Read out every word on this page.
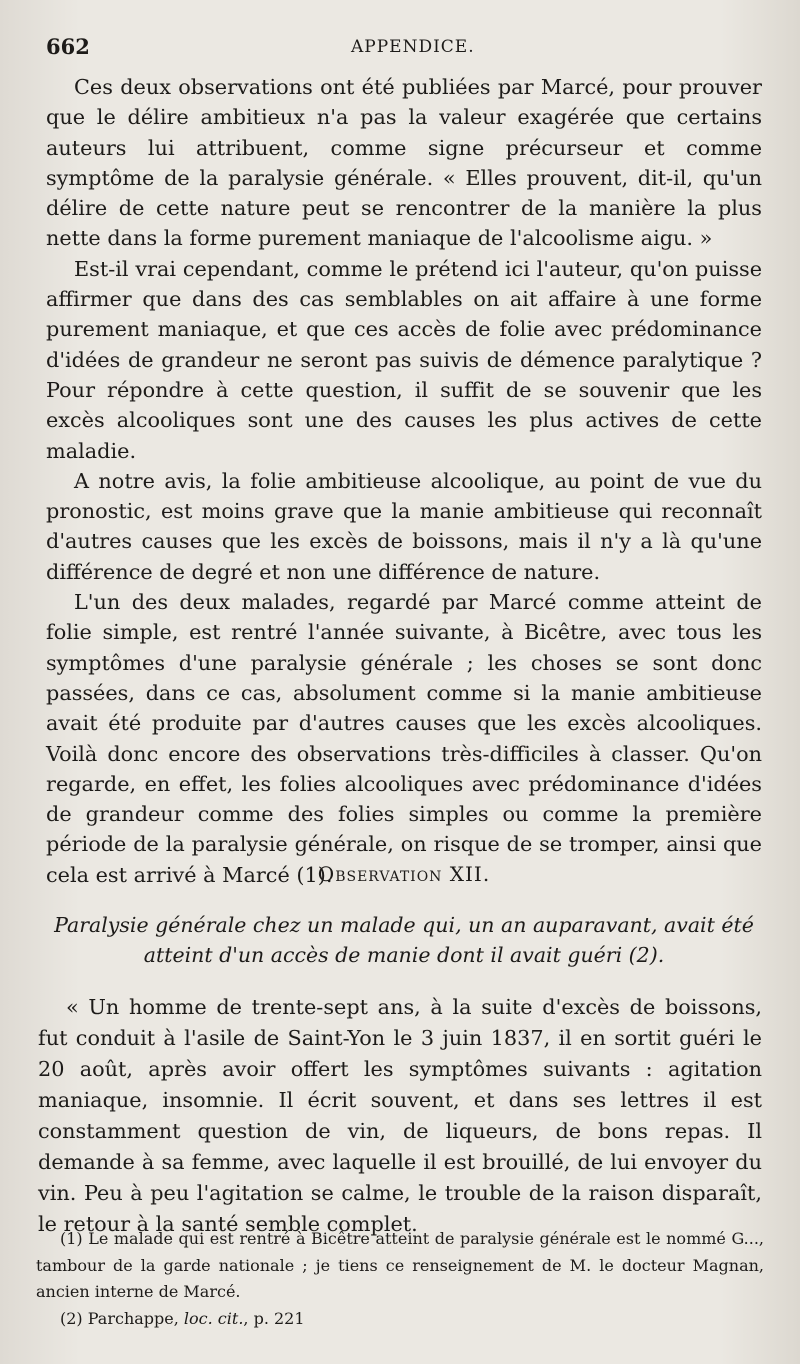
662	APPENDICE.

Ces deux observations ont été publiées par Marcé, pour prouver que le délire ambitieux n'a pas la valeur exagérée que certains auteurs lui attribuent, comme signe précurseur et comme symptôme de la paralysie générale. « Elles prouvent, dit-il, qu'un délire de cette nature peut se rencontrer de la manière la plus nette dans la forme purement maniaque de l'alcoolisme aigu. »

Est-il vrai cependant, comme le prétend ici l'auteur, qu'on puisse affirmer que dans des cas semblables on ait affaire à une forme purement maniaque, et que ces accès de folie avec prédominance d'idées de grandeur ne seront pas suivis de démence paralytique ? Pour répondre à cette question, il suffit de se souvenir que les excès alcooliques sont une des causes les plus actives de cette maladie.

A notre avis, la folie ambitieuse alcoolique, au point de vue du pronostic, est moins grave que la manie ambitieuse qui reconnaît d'autres causes que les excès de boissons, mais il n'y a là qu'une différence de degré et non une différence de nature.

L'un des deux malades, regardé par Marcé comme atteint de folie simple, est rentré l'année suivante, à Bicêtre, avec tous les symptômes d'une paralysie générale ; les choses se sont donc passées, dans ce cas, absolument comme si la manie ambitieuse avait été produite par d'autres causes que les excès alcooliques. Voilà donc encore des observations très-difficiles à classer. Qu'on regarde, en effet, les folies alcooliques avec prédominance d'idées de grandeur comme des folies simples ou comme la première période de la paralysie générale, on risque de se tromper, ainsi que cela est arrivé à Marcé (1).

Observation XII.
Paralysie générale chez un malade qui, un an auparavant, avait été atteint d'un accès de manie dont il avait guéri (2).

« Un homme de trente-sept ans, à la suite d'excès de boissons, fut conduit à l'asile de Saint-Yon le 3 juin 1837, il en sortit guéri le 20 août, après avoir offert les symptômes suivants : agitation maniaque, insomnie. Il écrit souvent, et dans ses lettres il est constamment question de vin, de liqueurs, de bons repas. Il demande à sa femme, avec laquelle il est brouillé, de lui envoyer du vin. Peu à peu l'agitation se calme, le trouble de la raison disparaît, le retour à la santé semble complet.

(1) Le malade qui est rentré à Bicêtre atteint de paralysie générale est le nommé G..., tambour de la garde nationale ; je tiens ce renseignement de M. le docteur Magnan, ancien interne de Marcé.

(2) Parchappe, loc. cit., p. 221
